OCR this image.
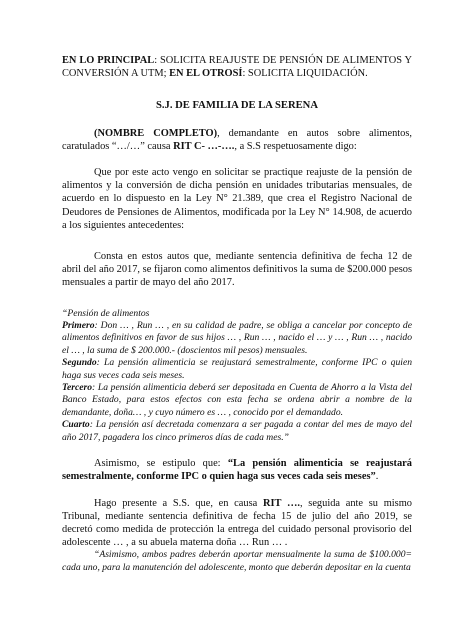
EN LO PRINCIPAL: SOLICITA REAJUSTE DE PENSIÓN DE ALIMENTOS Y CONVERSIÓN A UTM; EN EL OTROSÍ: SOLICITA LIQUIDACIÓN.

S.J. DE FAMILIA DE LA SERENA

(NOMBRE COMPLETO), demandante en autos sobre alimentos, caratulados “…/…” causa RIT C- …-…., a S.S respetuosamente digo:

Que por este acto vengo en solicitar se practique reajuste de la pensión de alimentos y la conversión de dicha pensión en unidades tributarias mensuales, de acuerdo en lo dispuesto en la Ley N° 21.389, que crea el Registro Nacional de Deudores de Pensiones de Alimentos, modificada por la Ley N° 14.908, de acuerdo a los siguientes antecedentes:

Consta en estos autos que, mediante sentencia definitiva de fecha 12 de abril del año 2017, se fijaron como alimentos definitivos la suma de $200.000 pesos mensuales a partir de mayo del año 2017.

“Pensión de alimentos

Primero: Don … , Run … , en su calidad de padre, se obliga a cancelar por concepto de alimentos definitivos en favor de sus hijos … , Run … , nacido el … y … , Run … , nacido el … , la suma de $ 200.000.- (doscientos mil pesos) mensuales.

Segundo: La pensión alimenticia se reajustará semestralmente, conforme IPC o quien haga sus veces cada seis meses.

Tercero: La pensión alimenticia deberá ser depositada en Cuenta de Ahorro a la Vista del Banco Estado, para estos efectos con esta fecha se ordena abrir a nombre de la demandante, doña… , y cuyo número es … , conocido por el demandado.

Cuarto: La pensión así decretada comenzara a ser pagada a contar del mes de mayo del año 2017, pagadera los cinco primeros días de cada mes.”

Asimismo, se estipulo que: “La pensión alimenticia se reajustará semestralmente, conforme IPC o quien haga sus veces cada seis meses”.

Hago presente a S.S. que, en causa RIT …., seguida ante su mismo Tribunal, mediante sentencia definitiva de fecha 15 de julio del año 2019, se decretó como medida de protección la entrega del cuidado personal provisorio del adolescente … , a su abuela materna doña … Run … .

“Asimismo, ambos padres deberán aportar mensualmente la suma de $100.000= cada uno, para la manutención del adolescente, monto que deberán depositar en la cuenta
